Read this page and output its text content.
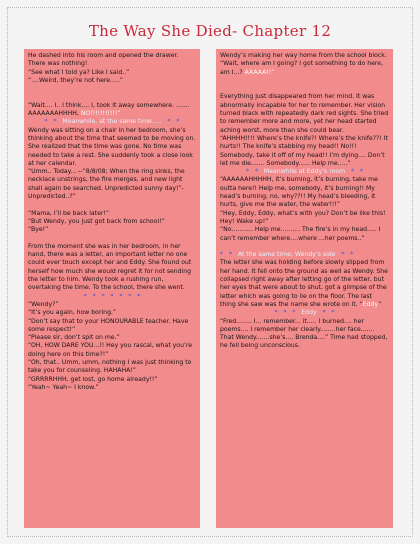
The Way She Died- Chapter 12

He dashed into his room and opened the drawer. There was nothing!

“See what I told ya? Like I said..”

“....Weird, they’re not here.....”

“Wait.... I.. I think.... I, took it away somewhere. ....... AAAAAAAHHHH, NO!!!!!!!!!!!”

*   *   Meanwhile, at the same time.....   *   *

Wendy was sitting on a chair in her bedroom, she’s thinking about the time that seemed to be moving on. She realized that the time was gone. No time was needed to take a rest. She suddenly took a close look at her calendar.

“Umm.. Today... --”8/8/08; When the ring sinks, the necklace unstrings, the fire merges, and new light shall again be searched. Unpredicted sunny day!”- Unpredicted..?”

“Mama, I’ll be back later!”

“But Wendy, you just got back from school!”

“Bye!”

From the moment she was in her bedroom, in her hand, there was a letter, an important letter no one could ever touch except her and Eddy. She found out herself how much she would regret it for not sending the letter to him. Wendy took a rushing run, overtaking the time. To the school, there she went.

*   *   *   *   *   *   *

“Wendy?”

“It’s you again, how boring.”

“Don’t say that to your HONOURABLE teacher. Have some respect!”

“Please sir, don’t spit on me.”

“OH, HOW DARE YOU...!! Hey you rascal, what you’re doing here on this time?!”

“Oh, that.. Umm, umm, nothing I was just thinking to take you for counseling. HAHAHA!”

“GRRRRHHH, get lost, go home already!!”

“Yeah~ Yeah~ I know.”

Wendy’s making her way home from the school block.

“Wait, where am I going? I got something to do here, am I...? AAAAA!!”

Everything just disappeared from her mind. It was abnormally incapable for her to remember. Her vision turned black with repeatedly dark red sights. She tried to remember more and more, yet her head started aching worst, more than she could bear.

“AHHHH!!!! Where’s the knife?! Where’s the knife??! It hurts!! The knife’s stabbing my head!! No!!! Somebody, take it off of my head!! I’m dying.... Don’t let me die....... Somebody...... Help me.....”

*   *   Meanwhile at Eddy’s room   *   *

“AAAAAAHHHHH, it’s burning, it’s burning, take me outta here!! Help me, somebody, it’s burning!! My head’s burning, no, why??!! My head’s bleeding, it hurts, give me the water, the water!!!”

“Hey, Eddy, Eddy, what’s with you? Don’t be like this! Hey! Wake up!”

“No........... Help me.......... The fire’s in my head..... I can’t remember where....where ...her poems..”

*   *   At the same time; Wendy’s side   *   *

The letter she was holding before slowly slipped from her hand. It fell onto the ground as well as Wendy. She collapsed right away after letting go of the letter, but her eyes that were about to shut, got a glimpse of the letter which was going to lie on the floor. The last thing she saw was the name she wrote on it. “Eddy”

*   *   *   Eddy   *   *

“Fred........ I... remember... it..... I burned.... her poems.... I remember her clearly........her face....... That Wendy.......she’s.... Brenda....” Time had stopped, he fell being unconscious.
